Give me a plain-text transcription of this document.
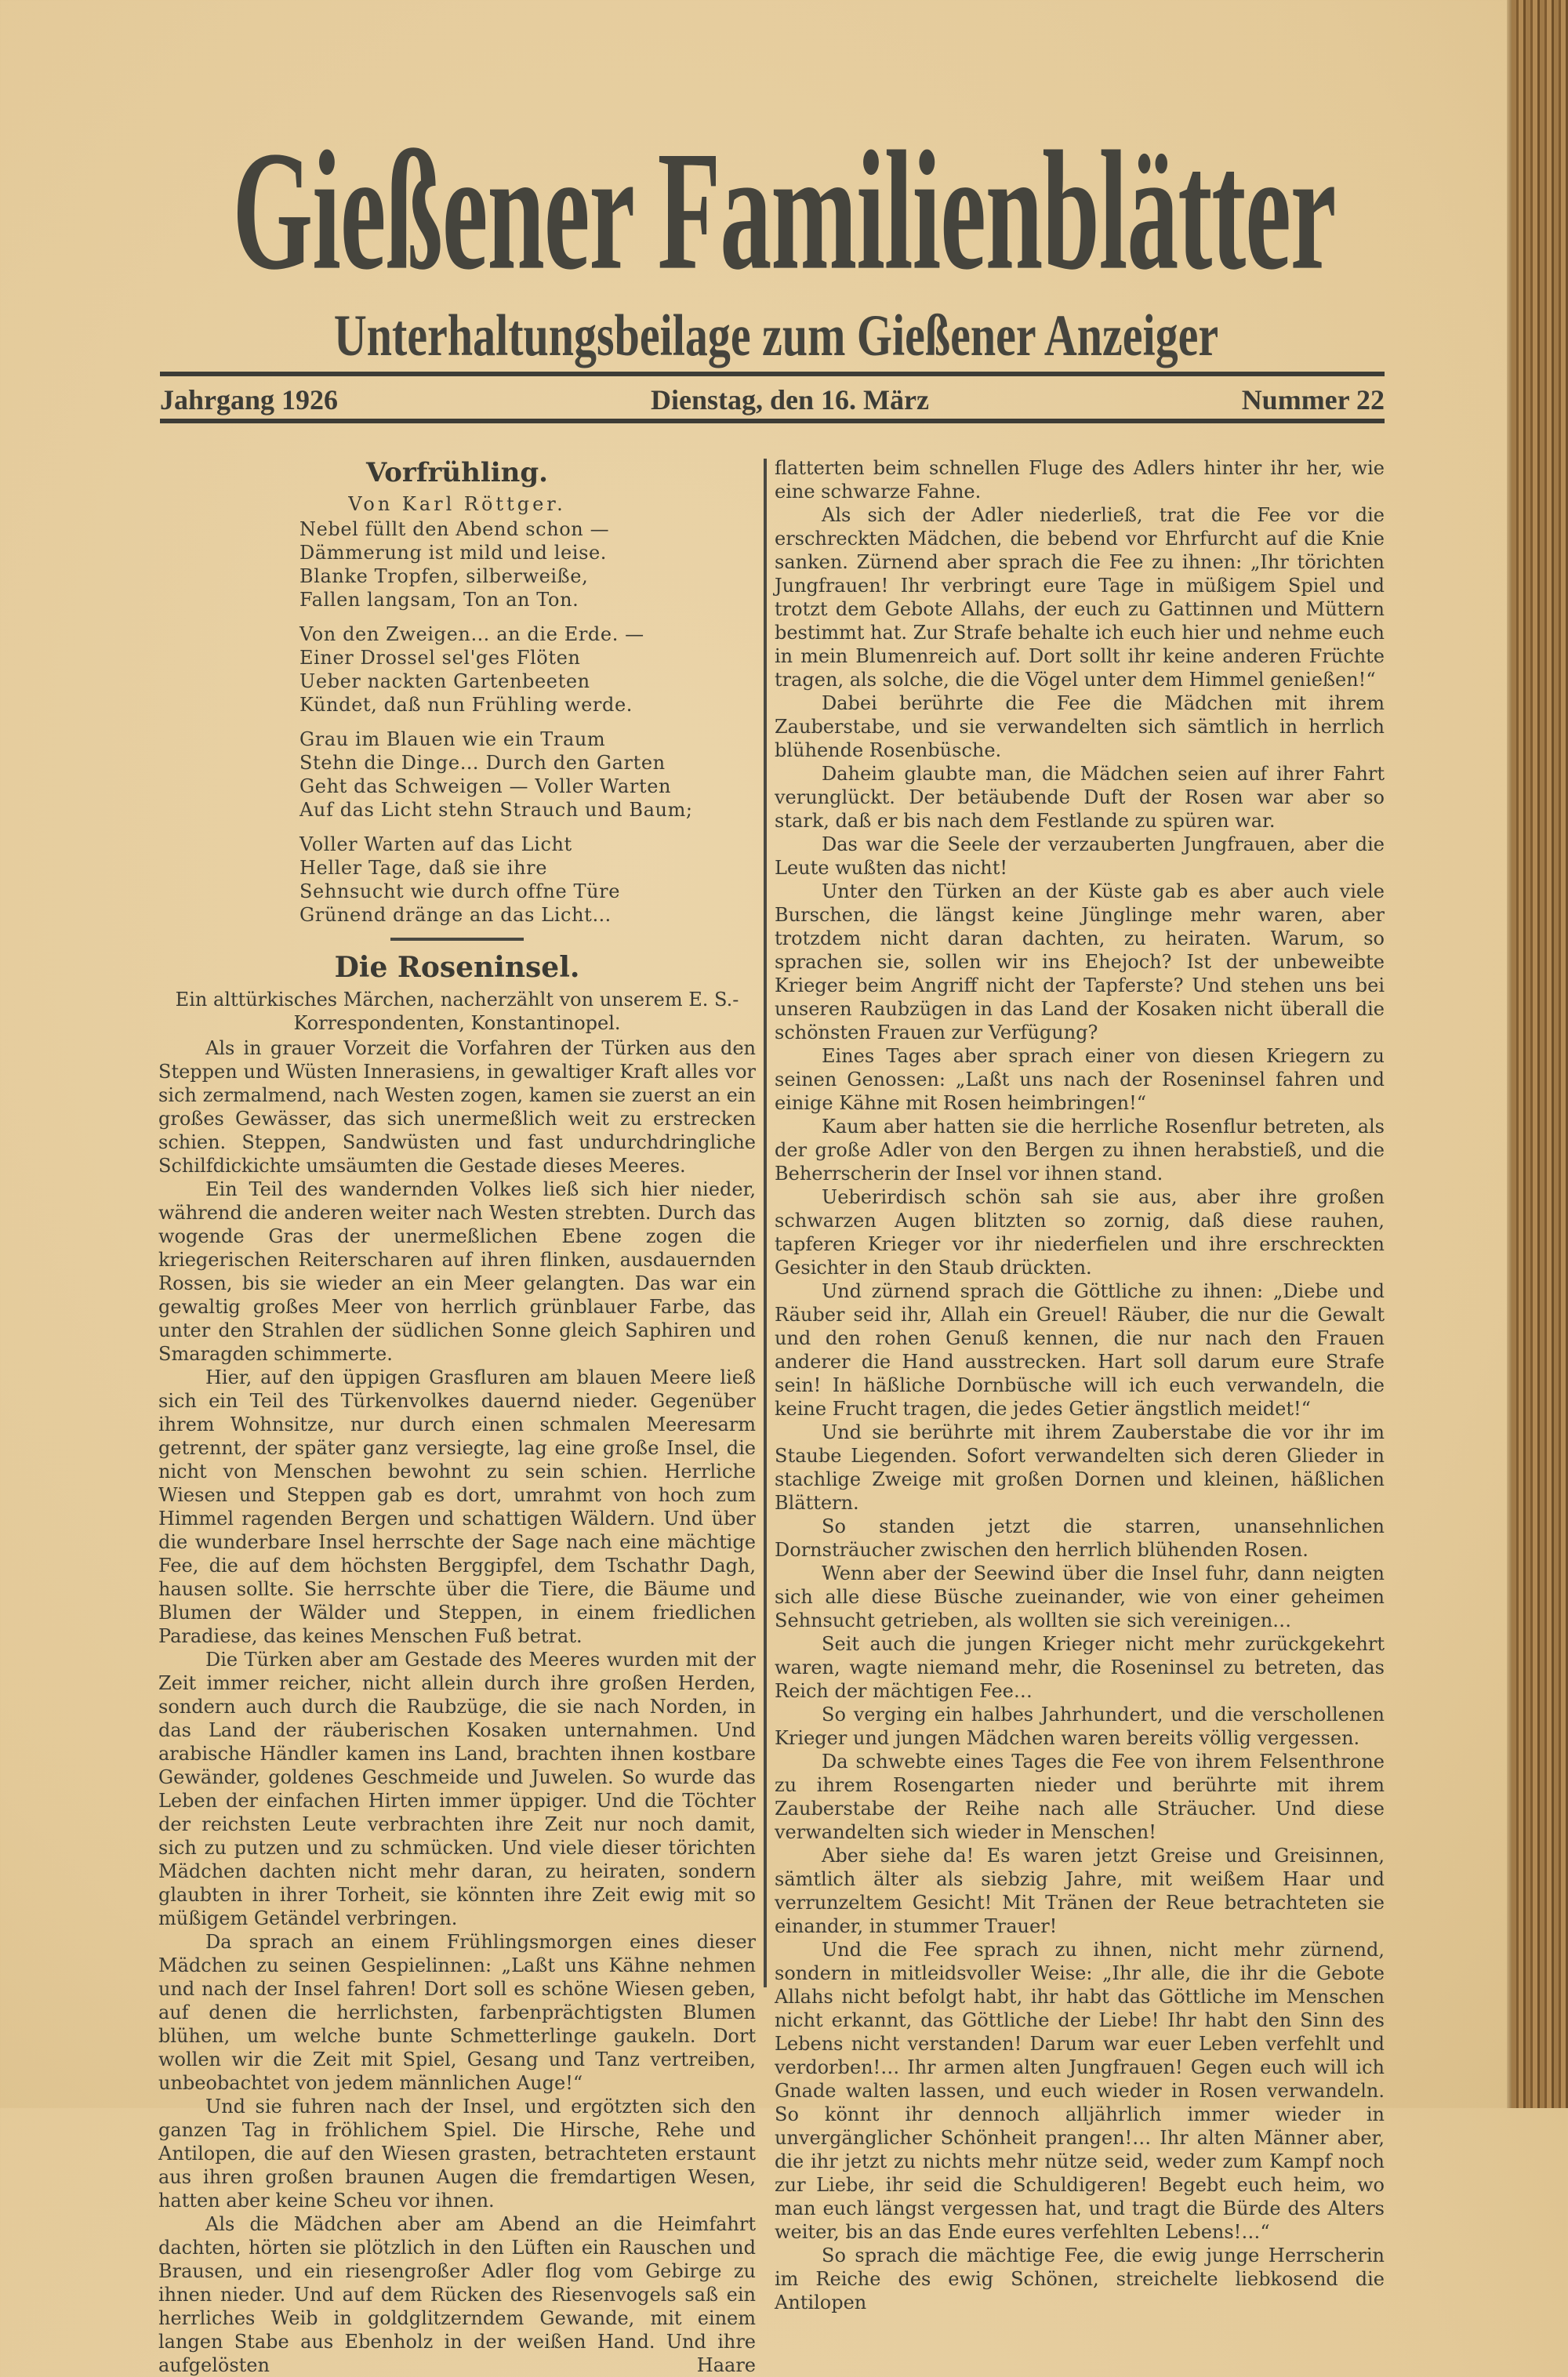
Gießener Familienblätter
Unterhaltungsbeilage zum Gießener Anzeiger
Jahrgang 1926	Dienstag, den 16. März	Nummer 22
Vorfrühling.
Von Karl Röttger.
Nebel füllt den Abend schon —
Dämmerung ist mild und leise.
Blanke Tropfen, silberweiße,
Fallen langsam, Ton an Ton.
Von den Zweigen… an die Erde. —
Einer Drossel sel'ges Flöten
Ueber nackten Gartenbeeten
Kündet, daß nun Frühling werde.
Grau im Blauen wie ein Traum
Stehn die Dinge… Durch den Garten
Geht das Schweigen — Voller Warten
Auf das Licht stehn Strauch und Baum;
Voller Warten auf das Licht
Heller Tage, daß sie ihre
Sehnsucht wie durch offne Türe
Grünend dränge an das Licht…
Die Roseninsel.
Ein alttürkisches Märchen, nacherzählt von unserem E. S.-Korrespondenten, Konstantinopel.

Als in grauer Vorzeit die Vorfahren der Türken aus den Steppen und Wüsten Innerasiens, in gewaltiger Kraft alles vor sich zermalmend, nach Westen zogen, kamen sie zuerst an ein großes Gewässer, das sich unermeßlich weit zu erstrecken schien. Steppen, Sandwüsten und fast undurchdringliche Schilfdickichte umsäumten die Gestade dieses Meeres.

Ein Teil des wandernden Volkes ließ sich hier nieder, während die anderen weiter nach Westen strebten. Durch das wogende Gras der unermeßlichen Ebene zogen die kriegerischen Reiterscharen auf ihren flinken, ausdauernden Rossen, bis sie wieder an ein Meer gelangten. Das war ein gewaltig großes Meer von herrlich grünblauer Farbe, das unter den Strahlen der südlichen Sonne gleich Saphiren und Smaragden schimmerte.

Hier, auf den üppigen Grasfluren am blauen Meere ließ sich ein Teil des Türkenvolkes dauernd nieder. Gegenüber ihrem Wohnsitze, nur durch einen schmalen Meeresarm getrennt, der später ganz versiegte, lag eine große Insel, die nicht von Menschen bewohnt zu sein schien. Herrliche Wiesen und Steppen gab es dort, umrahmt von hoch zum Himmel ragenden Bergen und schattigen Wäldern. Und über die wunderbare Insel herrschte der Sage nach eine mächtige Fee, die auf dem höchsten Berggipfel, dem Tschathr Dagh, hausen sollte. Sie herrschte über die Tiere, die Bäume und Blumen der Wälder und Steppen, in einem friedlichen Paradiese, das keines Menschen Fuß betrat.

Die Türken aber am Gestade des Meeres wurden mit der Zeit immer reicher, nicht allein durch ihre großen Herden, sondern auch durch die Raubzüge, die sie nach Norden, in das Land der räuberischen Kosaken unternahmen. Und arabische Händler kamen ins Land, brachten ihnen kostbare Gewänder, goldenes Geschmeide und Juwelen. So wurde das Leben der einfachen Hirten immer üppiger. Und die Töchter der reichsten Leute verbrachten ihre Zeit nur noch damit, sich zu putzen und zu schmücken. Und viele dieser törichten Mädchen dachten nicht mehr daran, zu heiraten, sondern glaubten in ihrer Torheit, sie könnten ihre Zeit ewig mit so müßigem Getändel verbringen.

Da sprach an einem Frühlingsmorgen eines dieser Mädchen zu seinen Gespielinnen: „Laßt uns Kähne nehmen und nach der Insel fahren! Dort soll es schöne Wiesen geben, auf denen die herrlichsten, farbenprächtigsten Blumen blühen, um welche bunte Schmetterlinge gaukeln. Dort wollen wir die Zeit mit Spiel, Gesang und Tanz vertreiben, unbeobachtet von jedem männlichen Auge!“

Und sie fuhren nach der Insel, und ergötzten sich den ganzen Tag in fröhlichem Spiel. Die Hirsche, Rehe und Antilopen, die auf den Wiesen grasten, betrachteten erstaunt aus ihren großen braunen Augen die fremdartigen Wesen, hatten aber keine Scheu vor ihnen.

Als die Mädchen aber am Abend an die Heimfahrt dachten, hörten sie plötzlich in den Lüften ein Rauschen und Brausen, und ein riesengroßer Adler flog vom Gebirge zu ihnen nieder. Und auf dem Rücken des Riesenvogels saß ein herrliches Weib in goldglitzerndem Gewande, mit einem langen Stabe aus Ebenholz in der weißen Hand. Und ihre aufgelösten Haare

flatterten beim schnellen Fluge des Adlers hinter ihr her, wie eine schwarze Fahne.

Als sich der Adler niederließ, trat die Fee vor die erschreckten Mädchen, die bebend vor Ehrfurcht auf die Knie sanken. Zürnend aber sprach die Fee zu ihnen: „Ihr törichten Jungfrauen! Ihr verbringt eure Tage in müßigem Spiel und trotzt dem Gebote Allahs, der euch zu Gattinnen und Müttern bestimmt hat. Zur Strafe behalte ich euch hier und nehme euch in mein Blumenreich auf. Dort sollt ihr keine anderen Früchte tragen, als solche, die die Vögel unter dem Himmel genießen!“

Dabei berührte die Fee die Mädchen mit ihrem Zauberstabe, und sie verwandelten sich sämtlich in herrlich blühende Rosenbüsche.

Daheim glaubte man, die Mädchen seien auf ihrer Fahrt verunglückt. Der betäubende Duft der Rosen war aber so stark, daß er bis nach dem Festlande zu spüren war.

Das war die Seele der verzauberten Jungfrauen, aber die Leute wußten das nicht!

Unter den Türken an der Küste gab es aber auch viele Burschen, die längst keine Jünglinge mehr waren, aber trotzdem nicht daran dachten, zu heiraten. Warum, so sprachen sie, sollen wir ins Ehejoch? Ist der unbeweibte Krieger beim Angriff nicht der Tapferste? Und stehen uns bei unseren Raubzügen in das Land der Kosaken nicht überall die schönsten Frauen zur Verfügung?

Eines Tages aber sprach einer von diesen Kriegern zu seinen Genossen: „Laßt uns nach der Roseninsel fahren und einige Kähne mit Rosen heimbringen!“

Kaum aber hatten sie die herrliche Rosenflur betreten, als der große Adler von den Bergen zu ihnen herabstieß, und die Beherrscherin der Insel vor ihnen stand.

Ueberirdisch schön sah sie aus, aber ihre großen schwarzen Augen blitzten so zornig, daß diese rauhen, tapferen Krieger vor ihr niederfielen und ihre erschreckten Gesichter in den Staub drückten.

Und zürnend sprach die Göttliche zu ihnen: „Diebe und Räuber seid ihr, Allah ein Greuel! Räuber, die nur die Gewalt und den rohen Genuß kennen, die nur nach den Frauen anderer die Hand ausstrecken. Hart soll darum eure Strafe sein! In häßliche Dornbüsche will ich euch verwandeln, die keine Frucht tragen, die jedes Getier ängstlich meidet!“

Und sie berührte mit ihrem Zauberstabe die vor ihr im Staube Liegenden. Sofort verwandelten sich deren Glieder in stachlige Zweige mit großen Dornen und kleinen, häßlichen Blättern.

So standen jetzt die starren, unansehnlichen Dornsträucher zwischen den herrlich blühenden Rosen.

Wenn aber der Seewind über die Insel fuhr, dann neigten sich alle diese Büsche zueinander, wie von einer geheimen Sehnsucht getrieben, als wollten sie sich vereinigen…

Seit auch die jungen Krieger nicht mehr zurückgekehrt waren, wagte niemand mehr, die Roseninsel zu betreten, das Reich der mächtigen Fee…

So verging ein halbes Jahrhundert, und die verschollenen Krieger und jungen Mädchen waren bereits völlig vergessen.

Da schwebte eines Tages die Fee von ihrem Felsenthrone zu ihrem Rosengarten nieder und berührte mit ihrem Zauberstabe der Reihe nach alle Sträucher. Und diese verwandelten sich wieder in Menschen!

Aber siehe da! Es waren jetzt Greise und Greisinnen, sämtlich älter als siebzig Jahre, mit weißem Haar und verrunzeltem Gesicht! Mit Tränen der Reue betrachteten sie einander, in stummer Trauer!

Und die Fee sprach zu ihnen, nicht mehr zürnend, sondern in mitleidsvoller Weise: „Ihr alle, die ihr die Gebote Allahs nicht befolgt habt, ihr habt das Göttliche im Menschen nicht erkannt, das Göttliche der Liebe! Ihr habt den Sinn des Lebens nicht verstanden! Darum war euer Leben verfehlt und verdorben!… Ihr armen alten Jungfrauen! Gegen euch will ich Gnade walten lassen, und euch wieder in Rosen verwandeln. So könnt ihr dennoch alljährlich immer wieder in unvergänglicher Schönheit prangen!… Ihr alten Männer aber, die ihr jetzt zu nichts mehr nütze seid, weder zum Kampf noch zur Liebe, ihr seid die Schuldigeren! Begebt euch heim, wo man euch längst vergessen hat, und tragt die Bürde des Alters weiter, bis an das Ende eures verfehlten Lebens!…“

So sprach die mächtige Fee, die ewig junge Herrscherin im Reiche des ewig Schönen, streichelte liebkosend die Antilopen
